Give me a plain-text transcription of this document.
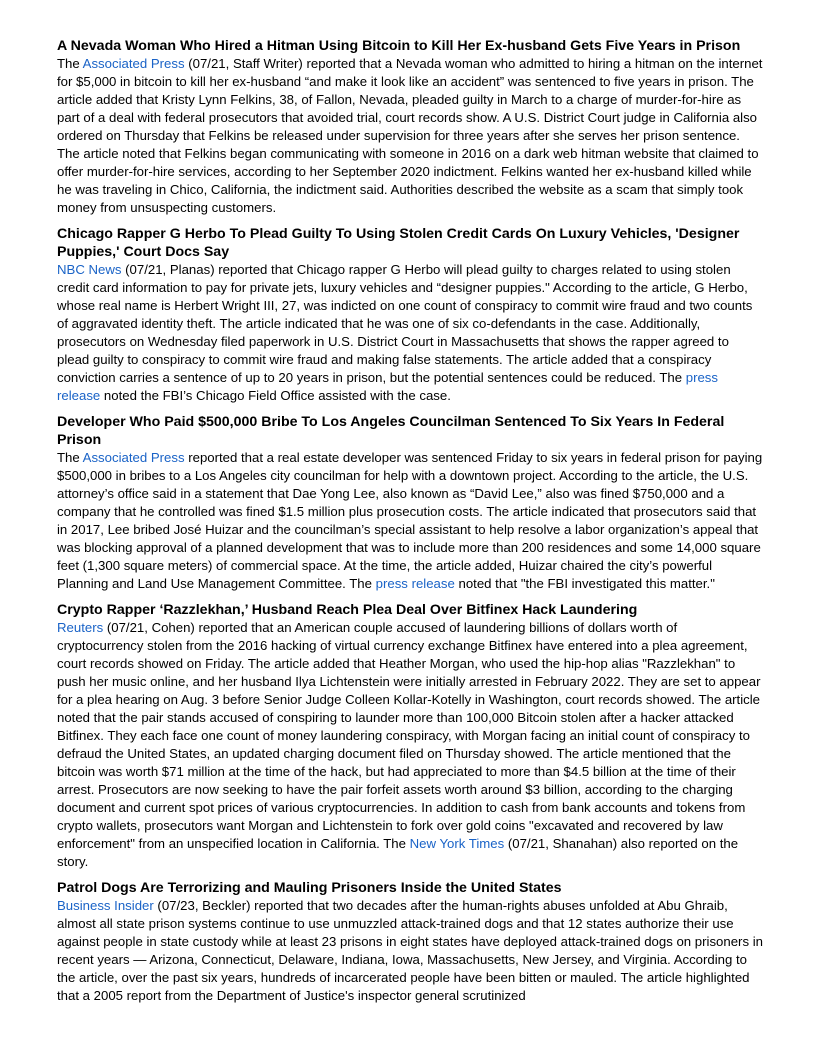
A Nevada Woman Who Hired a Hitman Using Bitcoin to Kill Her Ex-husband Gets Five Years in Prison

The Associated Press (07/21, Staff Writer) reported that a Nevada woman who admitted to hiring a hitman on the internet for $5,000 in bitcoin to kill her ex-husband “and make it look like an accident” was sentenced to five years in prison. The article added that Kristy Lynn Felkins, 38, of Fallon, Nevada, pleaded guilty in March to a charge of murder-for-hire as part of a deal with federal prosecutors that avoided trial, court records show. A U.S. District Court judge in California also ordered on Thursday that Felkins be released under supervision for three years after she serves her prison sentence. The article noted that Felkins began communicating with someone in 2016 on a dark web hitman website that claimed to offer murder-for-hire services, according to her September 2020 indictment. Felkins wanted her ex-husband killed while he was traveling in Chico, California, the indictment said. Authorities described the website as a scam that simply took money from unsuspecting customers.

Chicago Rapper G Herbo To Plead Guilty To Using Stolen Credit Cards On Luxury Vehicles, 'Designer Puppies,' Court Docs Say

NBC News (07/21, Planas) reported that Chicago rapper G Herbo will plead guilty to charges related to using stolen credit card information to pay for private jets, luxury vehicles and “designer puppies." According to the article, G Herbo, whose real name is Herbert Wright III, 27, was indicted on one count of conspiracy to commit wire fraud and two counts of aggravated identity theft. The article indicated that he was one of six co-defendants in the case. Additionally, prosecutors on Wednesday filed paperwork in U.S. District Court in Massachusetts that shows the rapper agreed to plead guilty to conspiracy to commit wire fraud and making false statements. The article added that a conspiracy conviction carries a sentence of up to 20 years in prison, but the potential sentences could be reduced. The press release noted the FBI’s Chicago Field Office assisted with the case.

Developer Who Paid $500,000 Bribe To Los Angeles Councilman Sentenced To Six Years In Federal Prison

The Associated Press reported that a real estate developer was sentenced Friday to six years in federal prison for paying $500,000 in bribes to a Los Angeles city councilman for help with a downtown project. According to the article, the U.S. attorney’s office said in a statement that Dae Yong Lee, also known as “David Lee,” also was fined $750,000 and a company that he controlled was fined $1.5 million plus prosecution costs. The article indicated that prosecutors said that in 2017, Lee bribed José Huizar and the councilman’s special assistant to help resolve a labor organization’s appeal that was blocking approval of a planned development that was to include more than 200 residences and some 14,000 square feet (1,300 square meters) of commercial space. At the time, the article added, Huizar chaired the city’s powerful Planning and Land Use Management Committee. The press release noted that "the FBI investigated this matter."

Crypto Rapper ‘Razzlekhan,’ Husband Reach Plea Deal Over Bitfinex Hack Laundering

Reuters (07/21, Cohen) reported that an American couple accused of laundering billions of dollars worth of cryptocurrency stolen from the 2016 hacking of virtual currency exchange Bitfinex have entered into a plea agreement, court records showed on Friday. The article added that Heather Morgan, who used the hip-hop alias "Razzlekhan" to push her music online, and her husband Ilya Lichtenstein were initially arrested in February 2022. They are set to appear for a plea hearing on Aug. 3 before Senior Judge Colleen Kollar-Kotelly in Washington, court records showed. The article noted that the pair stands accused of conspiring to launder more than 100,000 Bitcoin stolen after a hacker attacked Bitfinex. They each face one count of money laundering conspiracy, with Morgan facing an initial count of conspiracy to defraud the United States, an updated charging document filed on Thursday showed. The article mentioned that the bitcoin was worth $71 million at the time of the hack, but had appreciated to more than $4.5 billion at the time of their arrest. Prosecutors are now seeking to have the pair forfeit assets worth around $3 billion, according to the charging document and current spot prices of various cryptocurrencies. In addition to cash from bank accounts and tokens from crypto wallets, prosecutors want Morgan and Lichtenstein to fork over gold coins "excavated and recovered by law enforcement" from an unspecified location in California. The New York Times (07/21, Shanahan) also reported on the story.

Patrol Dogs Are Terrorizing and Mauling Prisoners Inside the United States

Business Insider (07/23, Beckler) reported that two decades after the human-rights abuses unfolded at Abu Ghraib, almost all state prison systems continue to use unmuzzled attack-trained dogs and that 12 states authorize their use against people in state custody while at least 23 prisons in eight states have deployed attack-trained dogs on prisoners in recent years — Arizona, Connecticut, Delaware, Indiana, Iowa, Massachusetts, New Jersey, and Virginia. According to the article, over the past six years, hundreds of incarcerated people have been bitten or mauled. The article highlighted that a 2005 report from the Department of Justice's inspector general scrutinized
